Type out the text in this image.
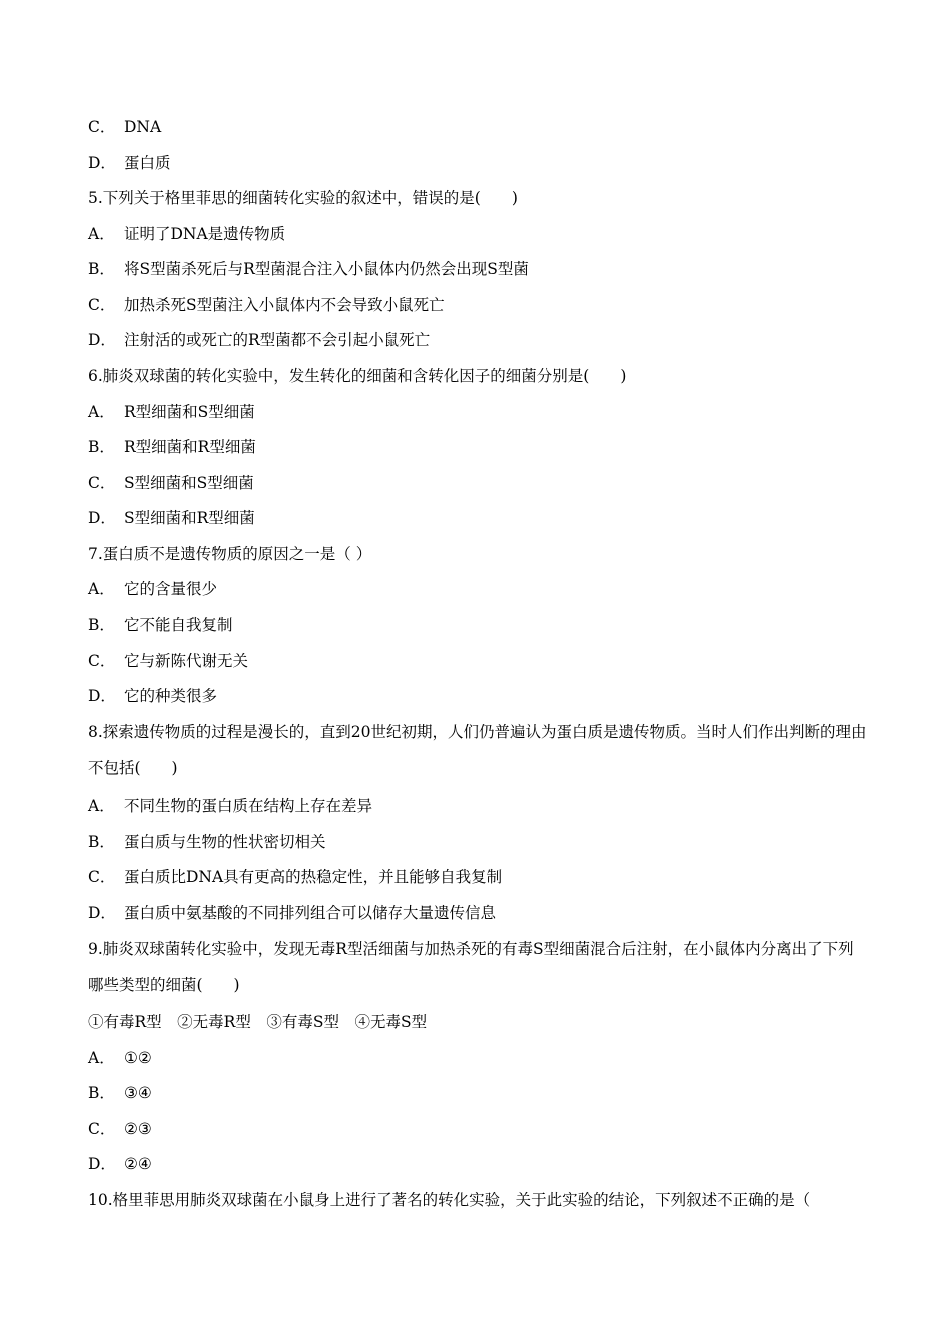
C． DNA
D． 蛋白质
5.下列关于格里菲思的细菌转化实验的叙述中，错误的是(　　)
A． 证明了DNA是遗传物质
B． 将S型菌杀死后与R型菌混合注入小鼠体内仍然会出现S型菌
C． 加热杀死S型菌注入小鼠体内不会导致小鼠死亡
D． 注射活的或死亡的R型菌都不会引起小鼠死亡
6.肺炎双球菌的转化实验中，发生转化的细菌和含转化因子的细菌分别是(　　)
A． R型细菌和S型细菌
B． R型细菌和R型细菌
C． S型细菌和S型细菌
D． S型细菌和R型细菌
7.蛋白质不是遗传物质的原因之一是（ ）
A． 它的含量很少
B． 它不能自我复制
C． 它与新陈代谢无关
D． 它的种类很多
8.探索遗传物质的过程是漫长的，直到20世纪初期，人们仍普遍认为蛋白质是遗传物质。当时人们作出判断的理由不包括(　　)
A． 不同生物的蛋白质在结构上存在差异
B． 蛋白质与生物的性状密切相关
C． 蛋白质比DNA具有更高的热稳定性，并且能够自我复制
D． 蛋白质中氨基酸的不同排列组合可以储存大量遗传信息
9.肺炎双球菌转化实验中，发现无毒R型活细菌与加热杀死的有毒S型细菌混合后注射，在小鼠体内分离出了下列哪些类型的细菌(　　)
①有毒R型　②无毒R型　③有毒S型　④无毒S型
A． ①②
B． ③④
C． ②③
D． ②④
10.格里菲思用肺炎双球菌在小鼠身上进行了著名的转化实验，关于此实验的结论，下列叙述不正确的是（
